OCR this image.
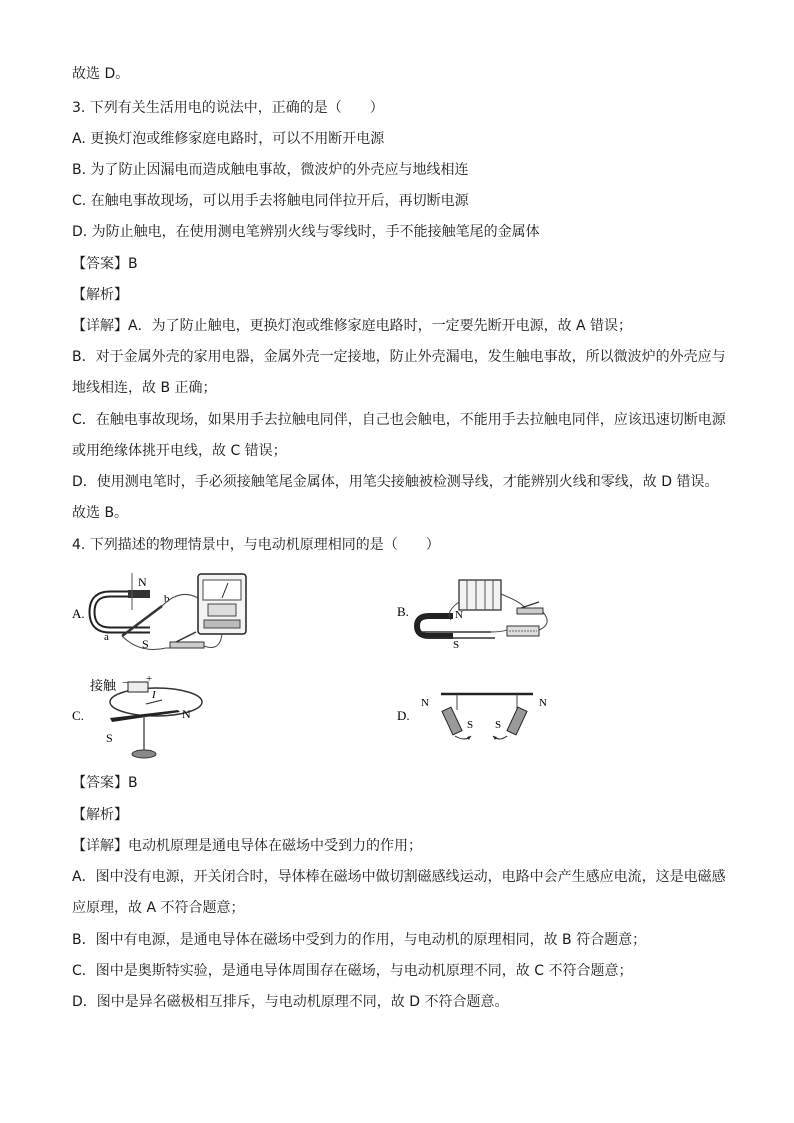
故选 D。
3. 下列有关生活用电的说法中，正确的是（　　）
A. 更换灯泡或维修家庭电路时，可以不用断开电源
B. 为了防止因漏电而造成触电事故，微波炉的外壳应与地线相连
C. 在触电事故现场，可以用手去将触电同伴拉开后，再切断电源
D. 为防止触电，在使用测电笔辨别火线与零线时，手不能接触笔尾的金属体
【答案】B
【解析】
【详解】A．为了防止触电，更换灯泡或维修家庭电路时，一定要先断开电源，故 A 错误；
B．对于金属外壳的家用电器，金属外壳一定接地，防止外壳漏电，发生触电事故，所以微波炉的外壳应与
地线相连，故 B 正确；
C．在触电事故现场，如果用手去拉触电同伴，自己也会触电，不能用手去拉触电同伴，应该迅速切断电源
或用绝缘体挑开电线，故 C 错误；
D．使用测电笔时，手必须接触笔尾金属体，用笔尖接触被检测导线，才能辨别火线和零线，故 D 错误。
故选 B。
4. 下列描述的物理情景中，与电动机原理相同的是（　　）
A.
N
S
a
b
B.	N
S
C.
接触	+
−
I
N
S
D.
N
S S
N
【答案】B
【解析】
【详解】电动机原理是通电导体在磁场中受到力的作用；
A．图中没有电源，开关闭合时，导体棒在磁场中做切割磁感线运动，电路中会产生感应电流，这是电磁感
应原理，故 A 不符合题意；
B．图中有电源，是通电导体在磁场中受到力的作用，与电动机的原理相同，故 B 符合题意；
C．图中是奥斯特实验，是通电导体周围存在磁场，与电动机原理不同，故 C 不符合题意；
D．图中是异名磁极相互排斥，与电动机原理不同，故 D 不符合题意。
